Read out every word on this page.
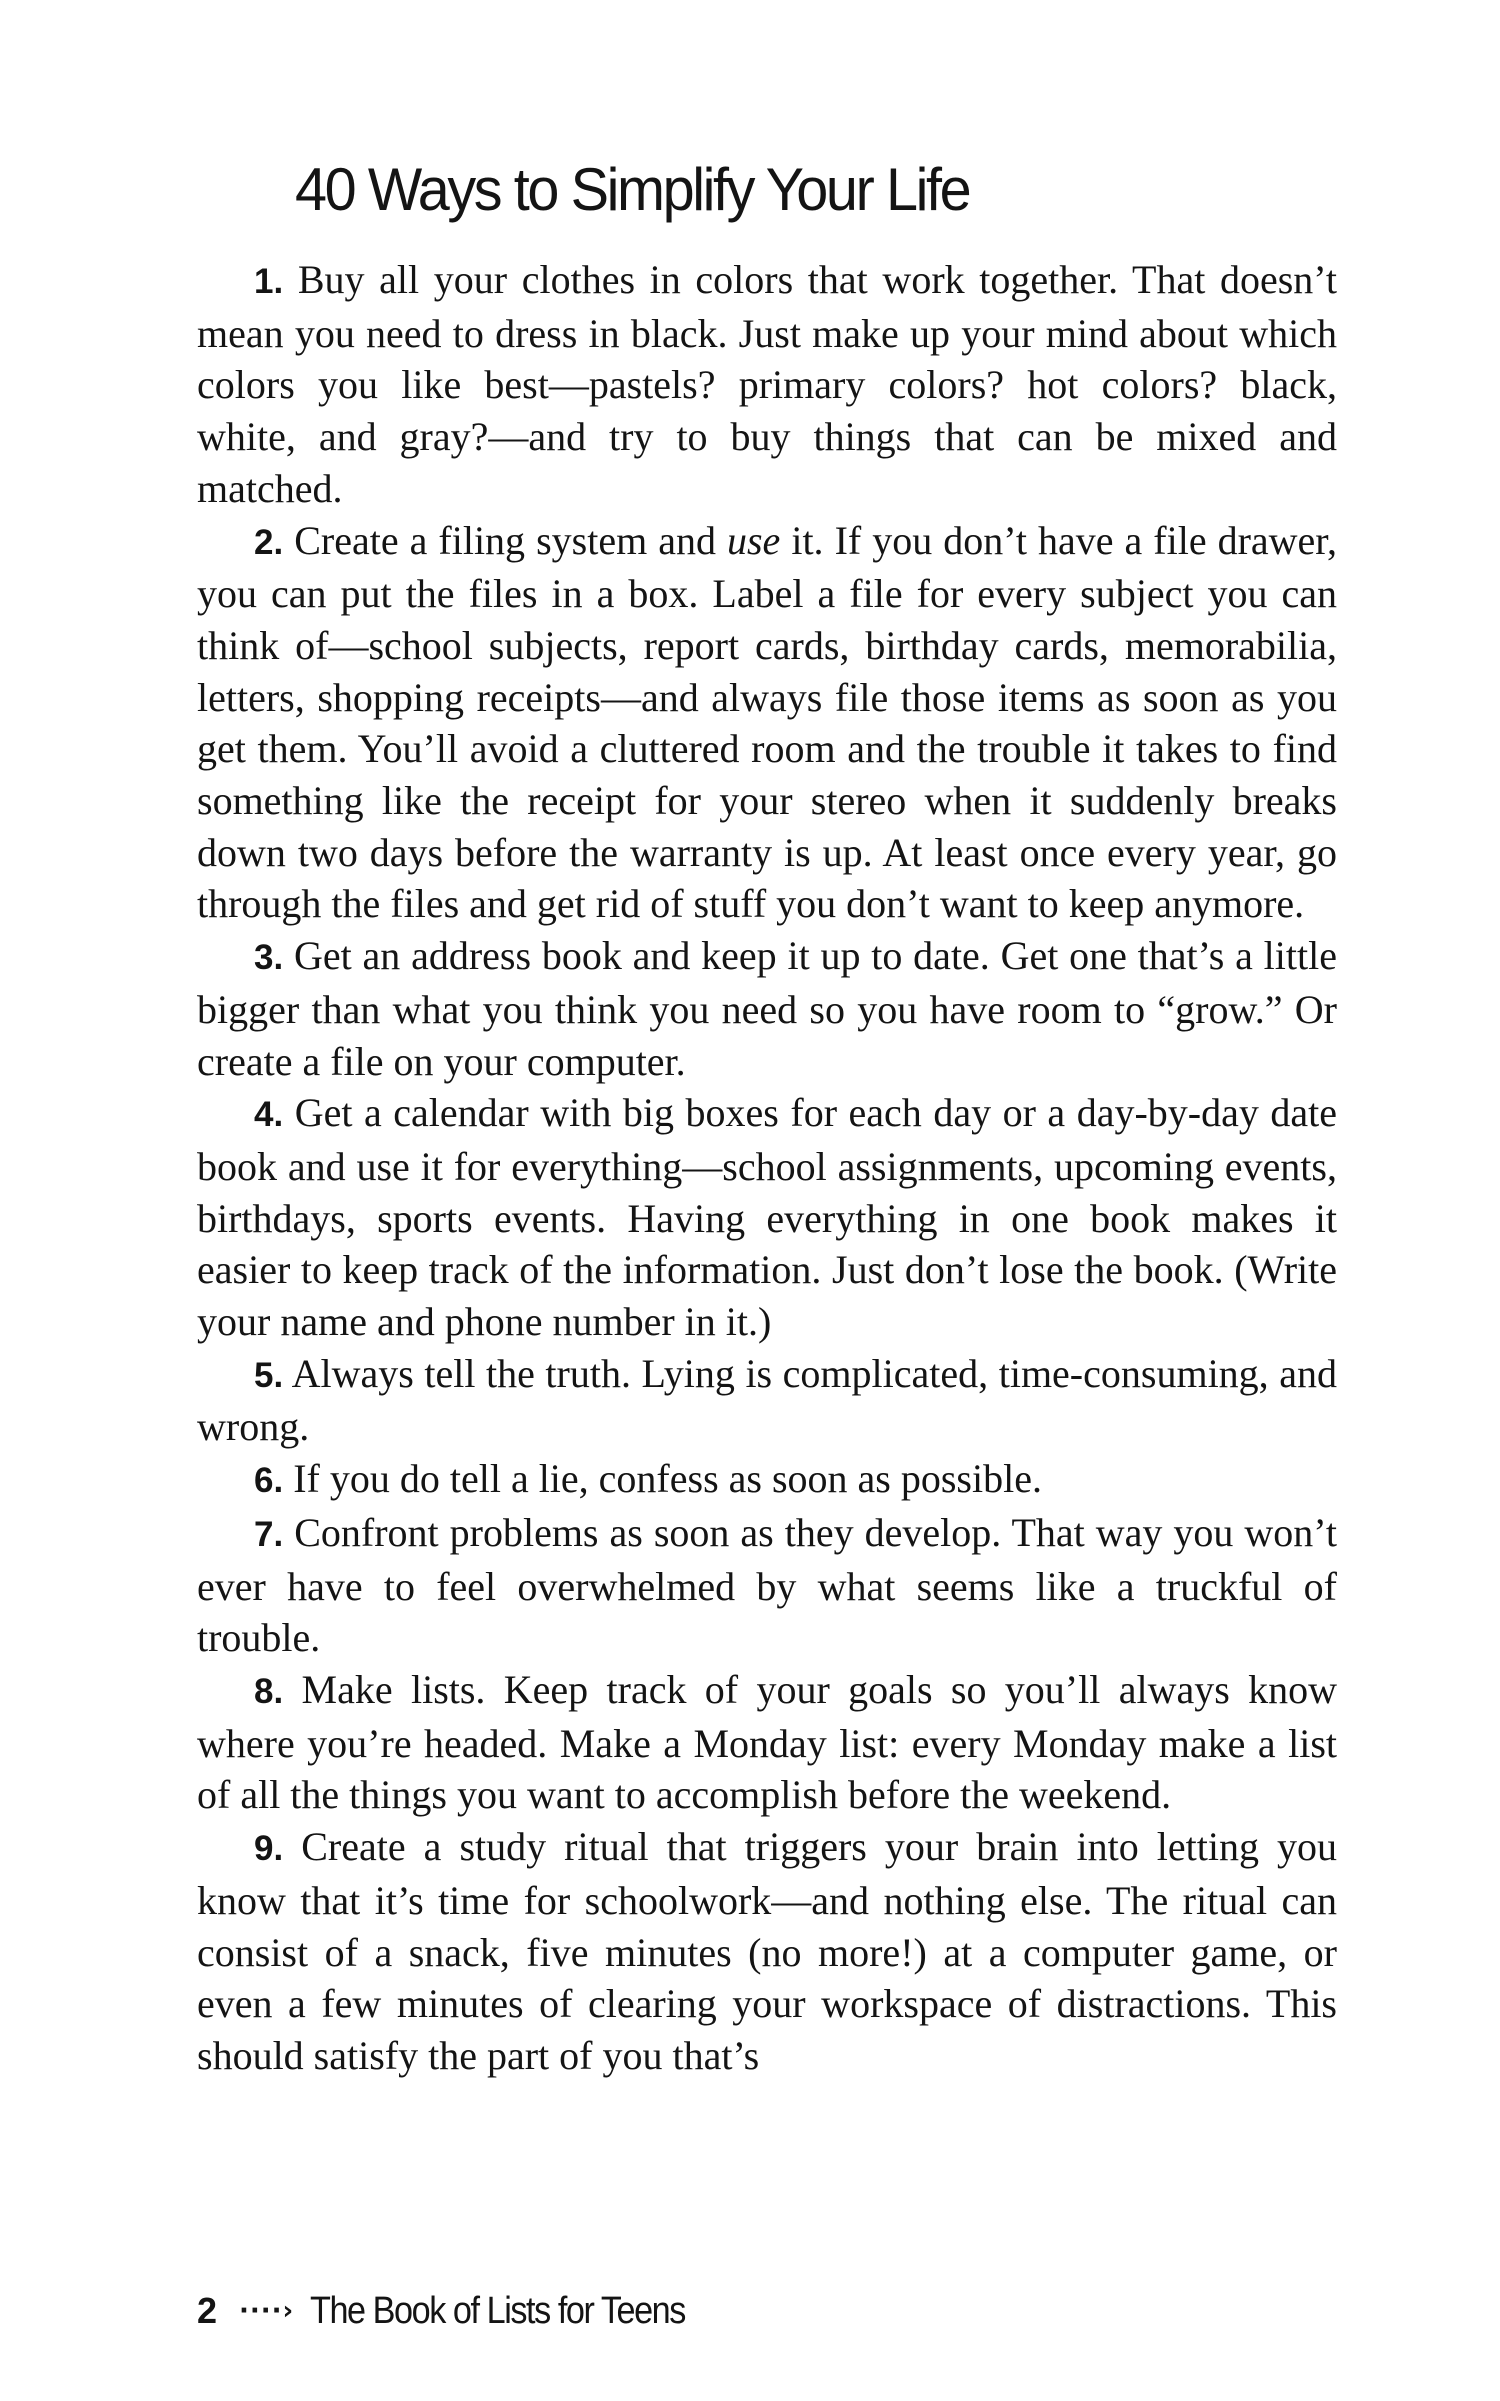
40 Ways to Simplify Your Life

1. Buy all your clothes in colors that work together. That doesn’t mean you need to dress in black. Just make up your mind about which colors you like best—pastels? primary colors? hot colors? black, white, and gray?—and try to buy things that can be mixed and matched.

2. Create a filing system and use it. If you don’t have a file drawer, you can put the files in a box. Label a file for every subject you can think of—school subjects, report cards, birthday cards, memorabilia, letters, shopping receipts—and always file those items as soon as you get them. You’ll avoid a cluttered room and the trouble it takes to find something like the receipt for your stereo when it suddenly breaks down two days before the warranty is up. At least once every year, go through the files and get rid of stuff you don’t want to keep anymore.

3. Get an address book and keep it up to date. Get one that’s a little bigger than what you think you need so you have room to “grow.” Or create a file on your computer.

4. Get a calendar with big boxes for each day or a day-by-day date book and use it for everything—school assignments, upcoming events, birthdays, sports events. Having everything in one book makes it easier to keep track of the information. Just don’t lose the book. (Write your name and phone number in it.)

5. Always tell the truth. Lying is complicated, time-consuming, and wrong.

6. If you do tell a lie, confess as soon as possible.

7. Confront problems as soon as they develop. That way you won’t ever have to feel overwhelmed by what seems like a truckful of trouble.

8. Make lists. Keep track of your goals so you’ll always know where you’re headed. Make a Monday list: every Monday make a list of all the things you want to accomplish before the weekend.

9. Create a study ritual that triggers your brain into letting you know that it’s time for schoolwork—and nothing else. The ritual can consist of a snack, five minutes (no more!) at a computer game, or even a few minutes of clearing your workspace of distractions. This should satisfy the part of you that’s

2 ····› The Book of Lists for Teens
